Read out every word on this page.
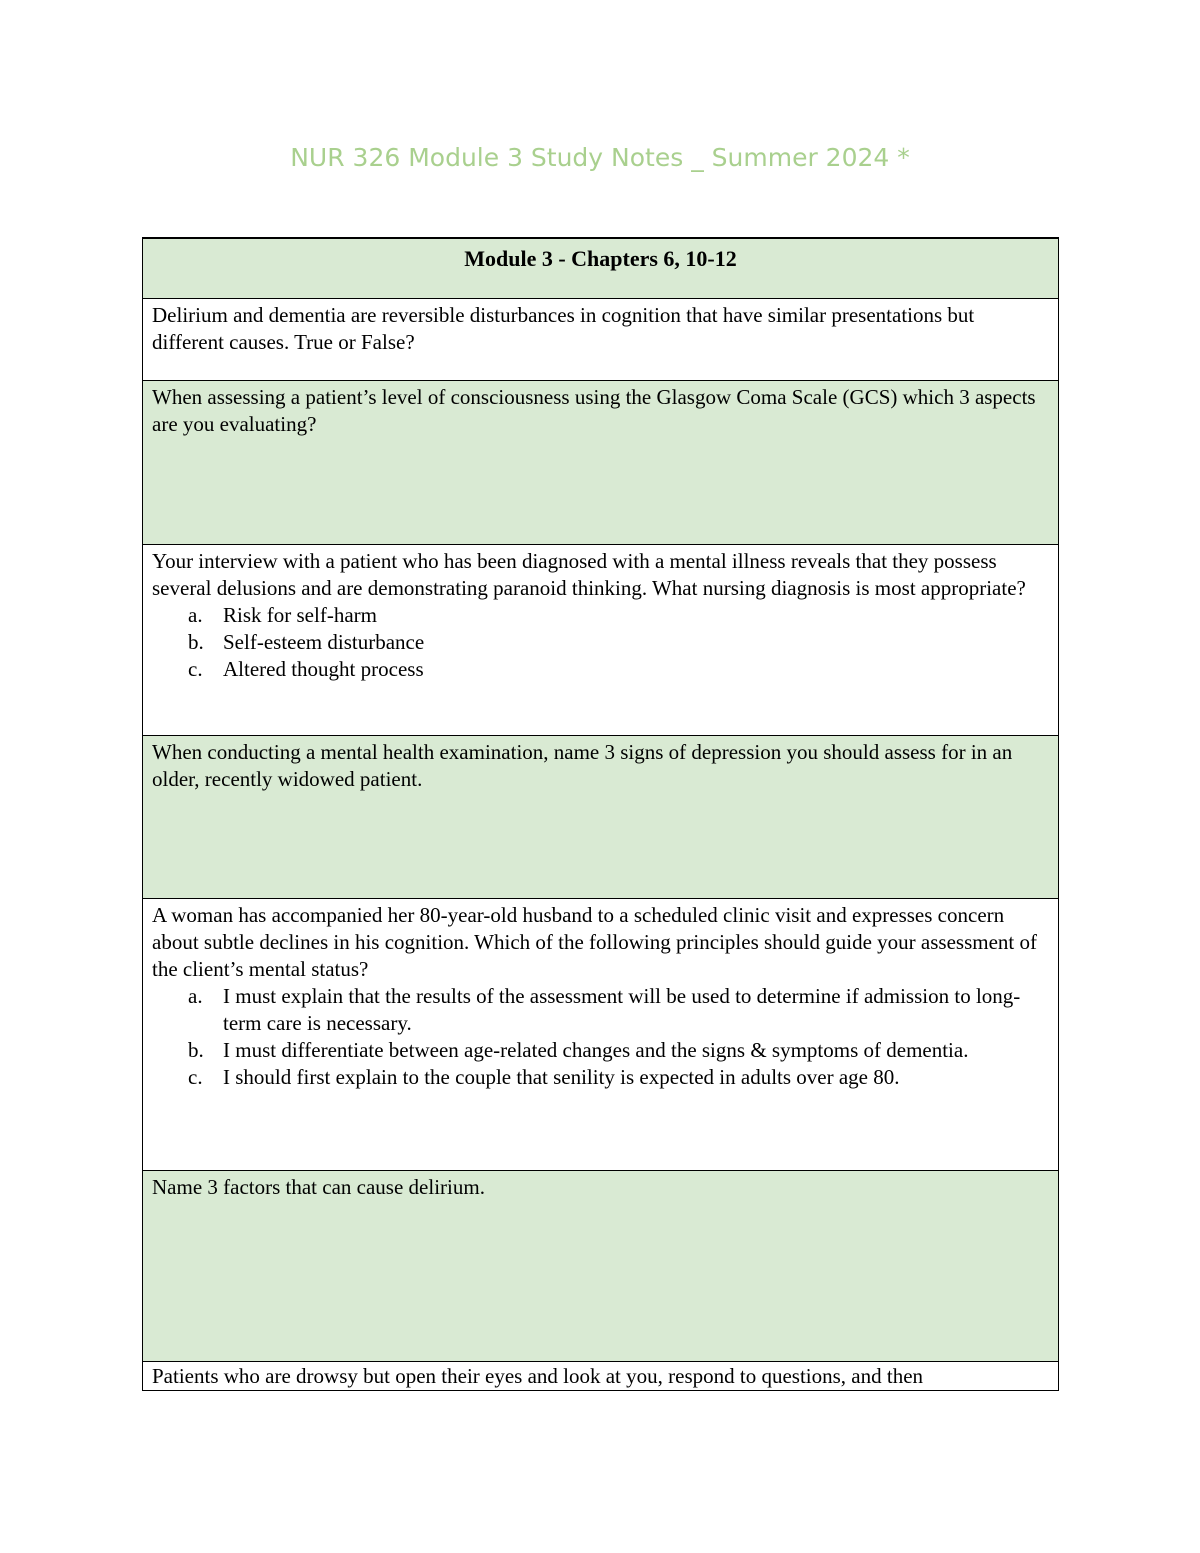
NUR 326 Module 3 Study Notes _ Summer 2024 *
Module 3 - Chapters 6, 10-12

Delirium and dementia are reversible disturbances in cognition that have similar presentations but different causes. True or False?

When assessing a patient’s level of consciousness using the Glasgow Coma Scale (GCS) which 3 aspects are you evaluating?

Your interview with a patient who has been diagnosed with a mental illness reveals that they possess several delusions and are demonstrating paranoid thinking. What nursing diagnosis is most appropriate?
a. Risk for self-harm
b. Self-esteem disturbance
c. Altered thought process

When conducting a mental health examination, name 3 signs of depression you should assess for in an older, recently widowed patient.

A woman has accompanied her 80-year-old husband to a scheduled clinic visit and expresses concern about subtle declines in his cognition. Which of the following principles should guide your assessment of the client’s mental status?
a. I must explain that the results of the assessment will be used to determine if admission to long-term care is necessary.
b. I must differentiate between age-related changes and the signs & symptoms of dementia.
c. I should first explain to the couple that senility is expected in adults over age 80.

Name 3 factors that can cause delirium.

Patients who are drowsy but open their eyes and look at you, respond to questions, and then
